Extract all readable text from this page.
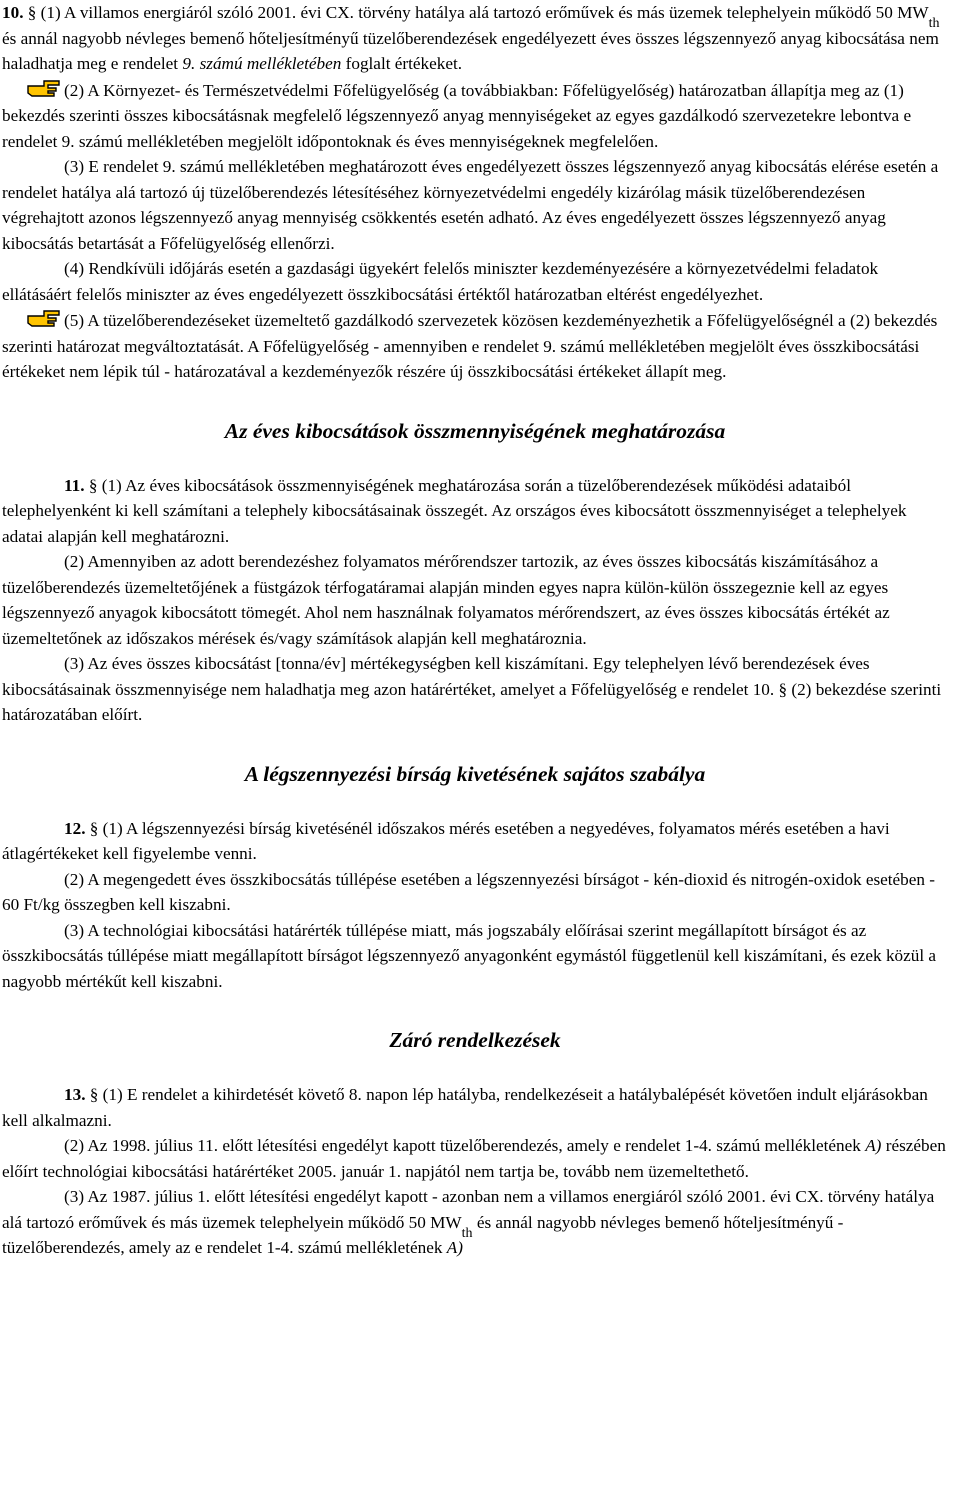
10. § (1) A villamos energiáról szóló 2001. évi CX. törvény hatálya alá tartozó erőművek és más üzemek telephelyein működő 50 $MW_{th}$ és annál nagyobb névleges bemenő hőteljesítményű tüzelőberendezések engedélyezett éves összes légszennyező anyag kibocsátása nem haladhatja meg e rendelet 9. számú mellékletében foglalt értékeket.

(2) A Környezet- és Természetvédelmi Főfelügyelőség (a továbbiakban: Főfelügyelőség) határozatban állapítja meg az (1) bekezdés szerinti összes kibocsátásnak megfelelő légszennyező anyag mennyiségeket az egyes gazdálkodó szervezetekre lebontva e rendelet 9. számú mellékletében megjelölt időpontoknak és éves mennyiségeknek megfelelően.

(3) E rendelet 9. számú mellékletében meghatározott éves engedélyezett összes légszennyező anyag kibocsátás elérése esetén a rendelet hatálya alá tartozó új tüzelőberendezés létesítéséhez környezetvédelmi engedély kizárólag másik tüzelőberendezésen végrehajtott azonos légszennyező anyag mennyiség csökkentés esetén adható. Az éves engedélyezett összes légszennyező anyag kibocsátás betartását a Főfelügyelőség ellenőrzi.

(4) Rendkívüli időjárás esetén a gazdasági ügyekért felelős miniszter kezdeményezésére a környezetvédelmi feladatok ellátásáért felelős miniszter az éves engedélyezett összkibocsátási értéktől határozatban eltérést engedélyezhet.

(5) A tüzelőberendezéseket üzemeltető gazdálkodó szervezetek közösen kezdeményezhetik a Főfelügyelőségnél a (2) bekezdés szerinti határozat megváltoztatását. A Főfelügyelőség - amennyiben e rendelet 9. számú mellékletében megjelölt éves összkibocsátási értékeket nem lépik túl - határozatával a kezdeményezők részére új összkibocsátási értékeket állapít meg.

Az éves kibocsátások összmennyiségének meghatározása

11. § (1) Az éves kibocsátások összmennyiségének meghatározása során a tüzelőberendezések működési adataiból telephelyenként ki kell számítani a telephely kibocsátásainak összegét. Az országos éves kibocsátott összmennyiséget a telephelyek adatai alapján kell meghatározni.

(2) Amennyiben az adott berendezéshez folyamatos mérőrendszer tartozik, az éves összes kibocsátás kiszámításához a tüzelőberendezés üzemeltetőjének a füstgázok térfogatáramai alapján minden egyes napra külön-külön összegeznie kell az egyes légszennyező anyagok kibocsátott tömegét. Ahol nem használnak folyamatos mérőrendszert, az éves összes kibocsátás értékét az üzemeltetőnek az időszakos mérések és/vagy számítások alapján kell meghatároznia.

(3) Az éves összes kibocsátást [tonna/év] mértékegységben kell kiszámítani. Egy telephelyen lévő berendezések éves kibocsátásainak összmennyisége nem haladhatja meg azon határértéket, amelyet a Főfelügyelőség e rendelet 10. § (2) bekezdése szerinti határozatában előírt.

A légszennyezési bírság kivetésének sajátos szabálya

12. § (1) A légszennyezési bírság kivetésénél időszakos mérés esetében a negyedéves, folyamatos mérés esetében a havi átlagértékeket kell figyelembe venni.

(2) A megengedett éves összkibocsátás túllépése esetében a légszennyezési bírságot - kén-dioxid és nitrogén-oxidok esetében - 60 Ft/kg összegben kell kiszabni.

(3) A technológiai kibocsátási határérték túllépése miatt, más jogszabály előírásai szerint megállapított bírságot és az összkibocsátás túllépése miatt megállapított bírságot légszennyező anyagonként egymástól függetlenül kell kiszámítani, és ezek közül a nagyobb mértékűt kell kiszabni.

Záró rendelkezések

13. § (1) E rendelet a kihirdetését követő 8. napon lép hatályba, rendelkezéseit a hatálybalépését követően indult eljárásokban kell alkalmazni.

(2) Az 1998. július 11. előtt létesítési engedélyt kapott tüzelőberendezés, amely e rendelet 1-4. számú mellékletének A) részében előírt technológiai kibocsátási határértéket 2005. január 1. napjától nem tartja be, tovább nem üzemeltethető.

(3) Az 1987. július 1. előtt létesítési engedélyt kapott - azonban nem a villamos energiáról szóló 2001. évi CX. törvény hatálya alá tartozó erőművek és más üzemek telephelyein működő 50 $MW_{th}$ és annál nagyobb névleges bemenő hőteljesítményű - tüzelőberendezés, amely az e rendelet 1-4. számú mellékletének A)
